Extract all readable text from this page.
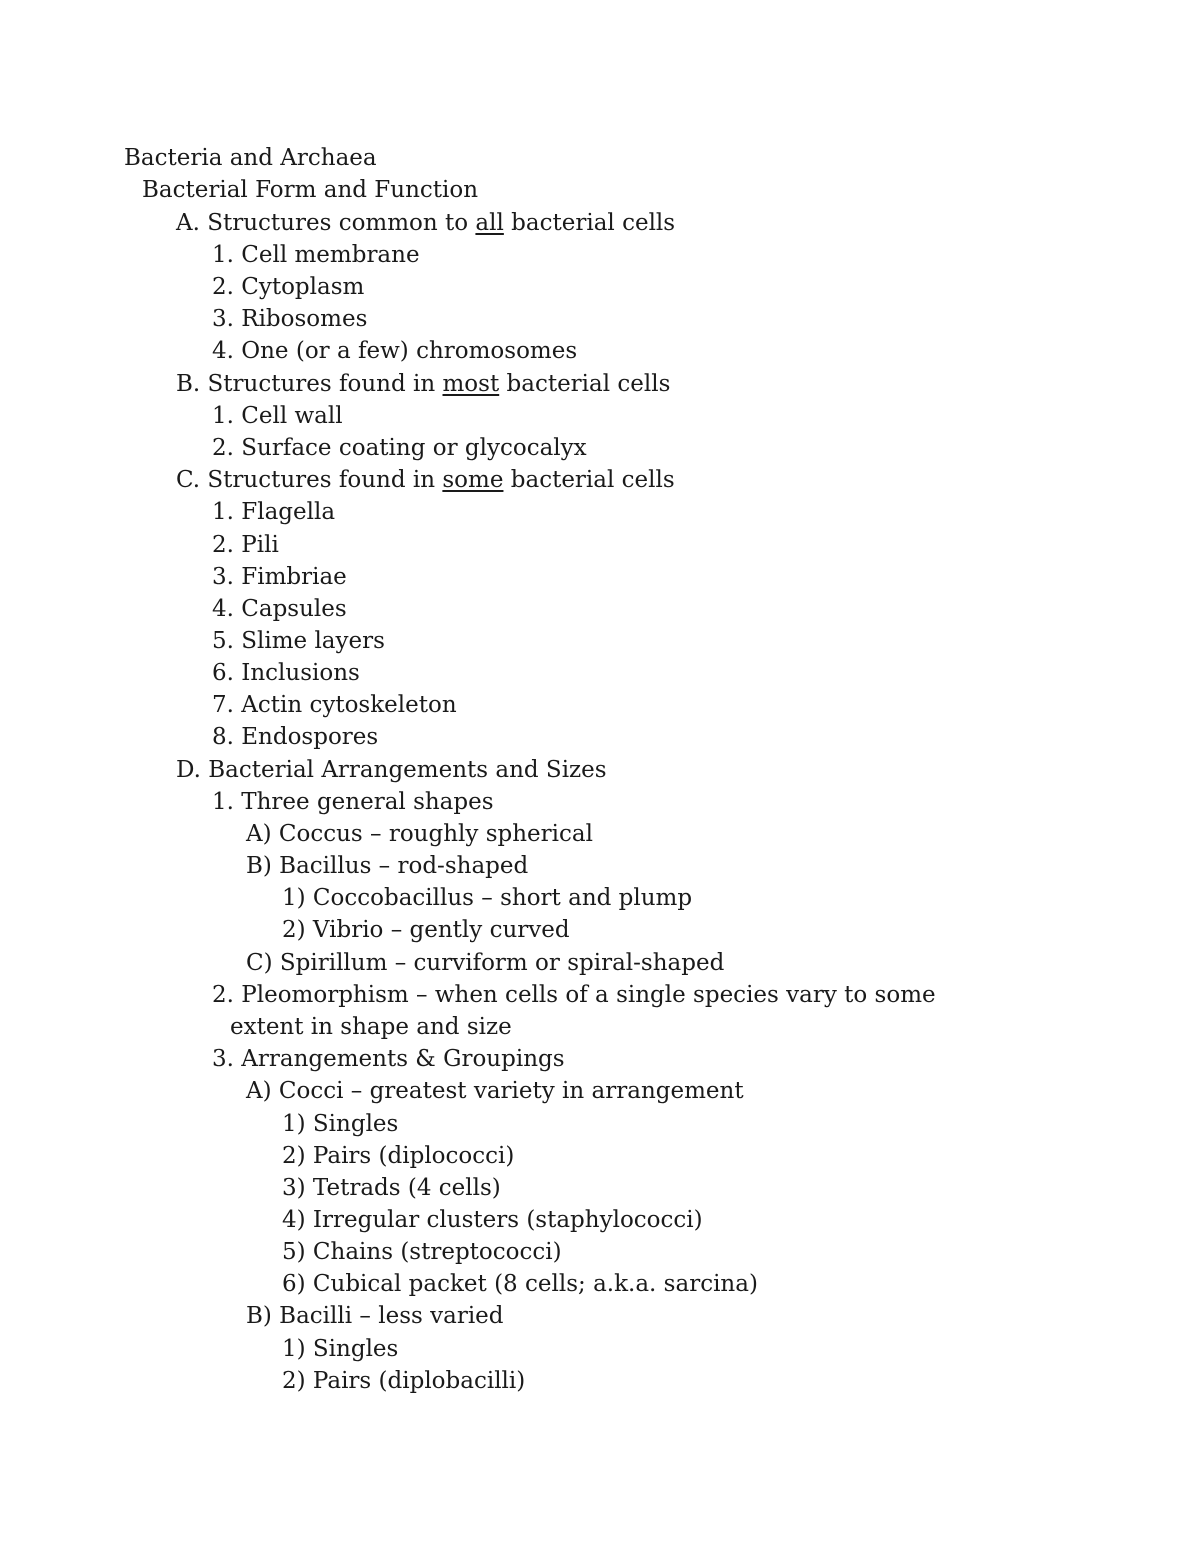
Bacteria and Archaea
Bacterial Form and Function
A. Structures common to all bacterial cells
1. Cell membrane
2. Cytoplasm
3. Ribosomes
4. One (or a few) chromosomes
B. Structures found in most bacterial cells
1. Cell wall
2. Surface coating or glycocalyx
C. Structures found in some bacterial cells
1. Flagella
2. Pili
3. Fimbriae
4. Capsules
5. Slime layers
6. Inclusions
7. Actin cytoskeleton
8. Endospores
D. Bacterial Arrangements and Sizes
1. Three general shapes
A) Coccus – roughly spherical
B) Bacillus – rod-shaped
1) Coccobacillus – short and plump
2) Vibrio – gently curved
C) Spirillum – curviform or spiral-shaped
2. Pleomorphism – when cells of a single species vary to some
extent in shape and size
3. Arrangements & Groupings
A) Cocci – greatest variety in arrangement
1) Singles
2) Pairs (diplococci)
3) Tetrads (4 cells)
4) Irregular clusters (staphylococci)
5) Chains (streptococci)
6) Cubical packet (8 cells; a.k.a. sarcina)
B) Bacilli – less varied
1) Singles
2) Pairs (diplobacilli)
